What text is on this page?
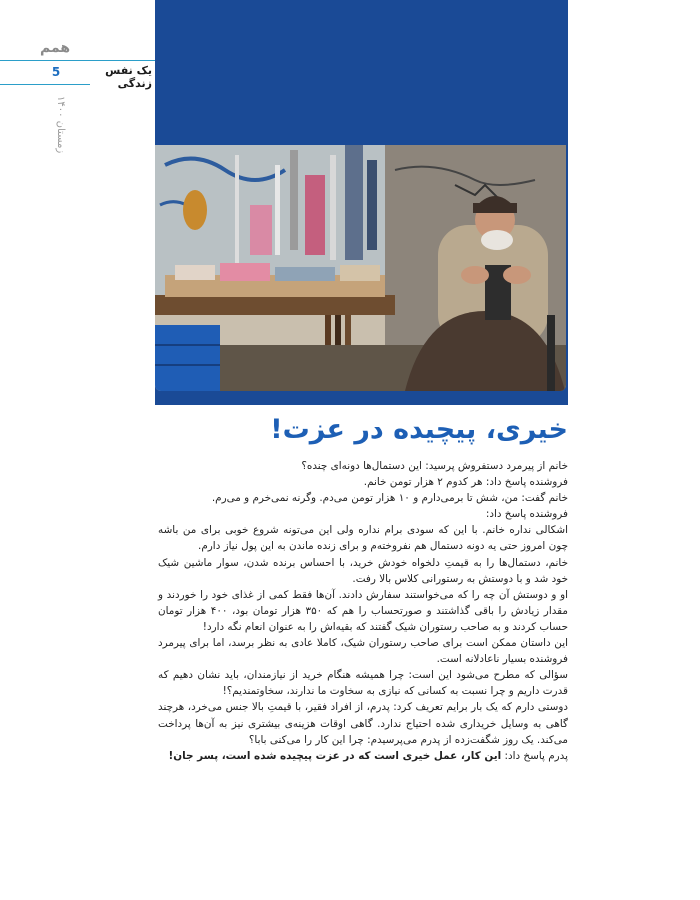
همم
یک نفس زندگی
5
زمستان ۱۴۰۰
خیری، پیچیده در عزت!

خانم از پیرمرد دستفروش پرسید: این دستمال‌ها دونه‌ای چنده؟

فروشنده پاسخ داد: هر کدوم ۲ هزار تومن خانم.

خانم گفت: من، شش تا برمی‌دارم و ۱۰ هزار تومن می‌دم. وگرنه نمی‌خرم و می‌رم.

فروشنده پاسخ داد:

اشکالی نداره خانم. با این که سودی برام نداره ولی این می‌تونه شروع خوبی برای من باشه چون امروز حتی یه دونه دستمال هم نفروخته‌م و برای زنده ماندن به این پول نیاز دارم.

خانم، دستمال‌ها را به قیمتِ دلخواه خودش خرید، با احساس برنده شدن، سوار ماشین شیک خود شد و با دوستش به رستورانی کلاس بالا رفت.

او و دوستش آن چه را که می‌خواستند سفارش دادند. آن‌ها فقط کمی از غذای خود را خوردند و مقدار زیادش را باقی گذاشتند و صورتحساب را هم که ۳۵۰ هزار تومان بود، ۴۰۰ هزار تومان حساب کردند و به صاحب رستوران شیک گفتند که بقیه‌اش را به عنوان انعام نگه دارد!

این داستان ممکن است برای صاحب رستوران شیک، کاملا عادی به نظر برسد، اما برای پیرمرد فروشنده بسیار ناعادلانه است.

سؤالی که مطرح می‌شود این است: چرا همیشه هنگام خرید از نیازمندان، باید نشان دهیم که قدرت داریم و چرا نسبت به کسانی که نیازی به سخاوت ما ندارند، سخاوتمندیم؟!

دوستی دارم که یک بار برایم تعریف کرد: پدرم، از افراد فقیر، با قیمتِ بالا جنس می‌خرد، هرچند گاهی به وسایل خریداری شده احتیاج ندارد. گاهی اوقات هزینه‌ی بیشتری نیز به آن‌ها پرداخت می‌کند. یک روز شگفت‌زده از پدرم می‌پرسیدم: چرا این کار را می‌کنی بابا؟

پدرم پاسخ داد: این کار، عمل خیری است که در عزت پیچیده شده است، پسر جان!
